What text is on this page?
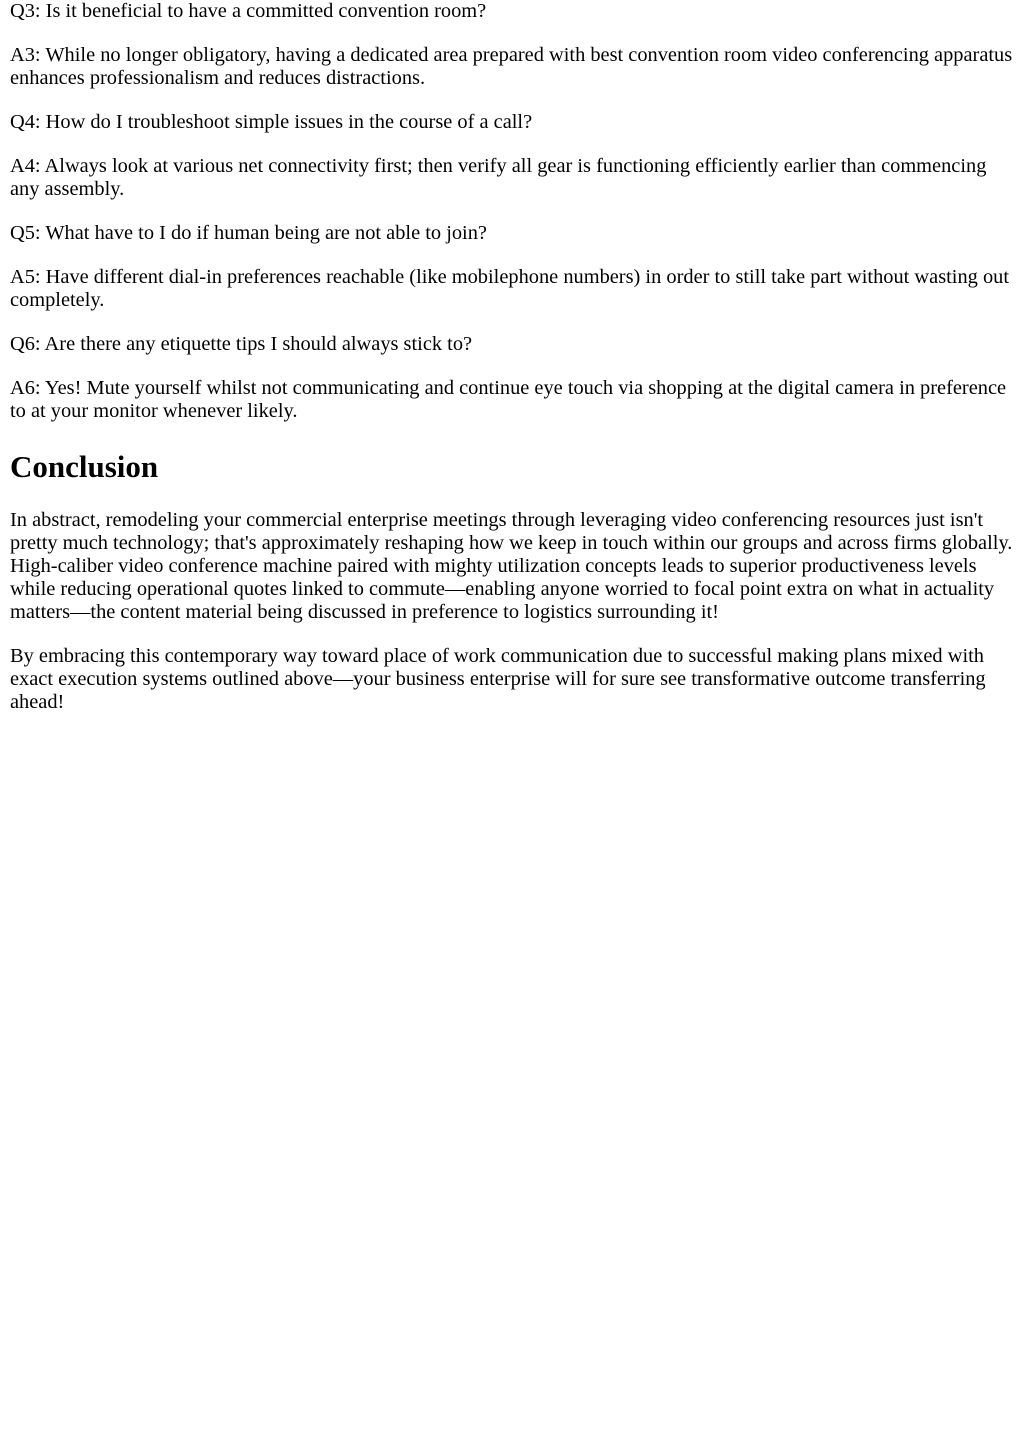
Q3: Is it beneficial to have a committed convention room?

A3: While no longer obligatory, having a dedicated area prepared with best convention room video conferencing apparatus enhances professionalism and reduces distractions.

Q4: How do I troubleshoot simple issues in the course of a call?

A4: Always look at various net connectivity first; then verify all gear is functioning efficiently earlier than commencing any assembly.

Q5: What have to I do if human being are not able to join?

A5: Have different dial-in preferences reachable (like mobilephone numbers) in order to still take part without wasting out completely.

Q6: Are there any etiquette tips I should always stick to?

A6: Yes! Mute yourself whilst not communicating and continue eye touch via shopping at the digital camera in preference to at your monitor whenever likely.

Conclusion

In abstract, remodeling your commercial enterprise meetings through leveraging video conferencing resources just isn't pretty much technology; that's approximately reshaping how we keep in touch within our groups and across firms globally. High-caliber video conference machine paired with mighty utilization concepts leads to superior productiveness levels while reducing operational quotes linked to commute—enabling anyone worried to focal point extra on what in actuality matters—the content material being discussed in preference to logistics surrounding it!

By embracing this contemporary way toward place of work communication due to successful making plans mixed with exact execution systems outlined above—your business enterprise will for sure see transformative outcome transferring ahead!
